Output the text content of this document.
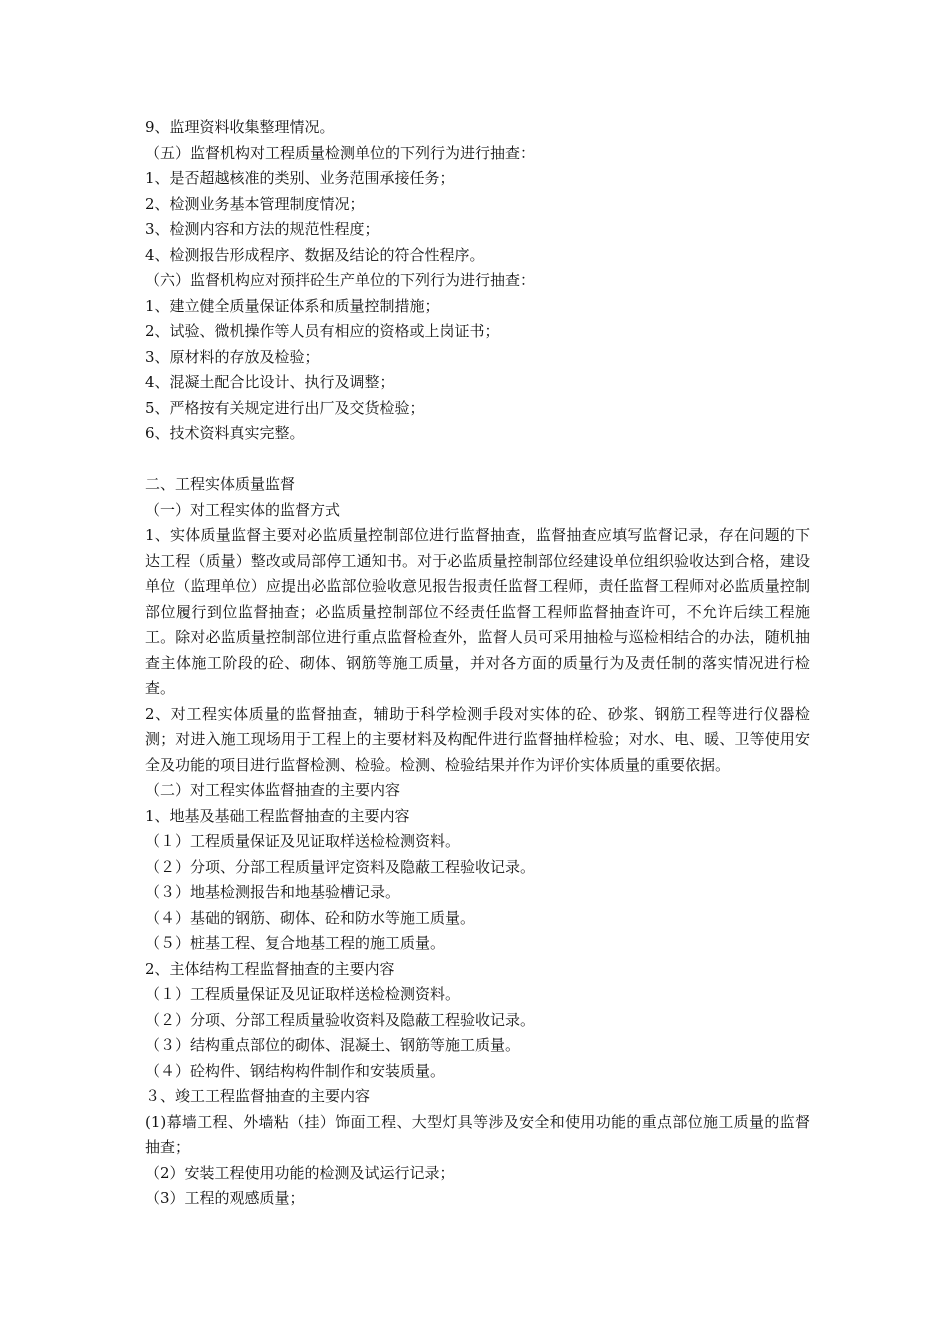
9、监理资料收集整理情况。
（五）监督机构对工程质量检测单位的下列行为进行抽查：
1、是否超越核准的类别、业务范围承接任务；
2、检测业务基本管理制度情况；
3、检测内容和方法的规范性程度；
4、检测报告形成程序、数据及结论的符合性程序。
（六）监督机构应对预拌砼生产单位的下列行为进行抽查：
1、建立健全质量保证体系和质量控制措施；
2、试验、微机操作等人员有相应的资格或上岗证书；
3、原材料的存放及检验；
4、混凝土配合比设计、执行及调整；
5、严格按有关规定进行出厂及交货检验；
6、技术资料真实完整。
二、工程实体质量监督
（一）对工程实体的监督方式
1、实体质量监督主要对必监质量控制部位进行监督抽查，监督抽查应填写监督记录，存在问题的下达工程（质量）整改或局部停工通知书。对于必监质量控制部位经建设单位组织验收达到合格，建设单位（监理单位）应提出必监部位验收意见报告报责任监督工程师，责任监督工程师对必监质量控制部位履行到位监督抽查；必监质量控制部位不经责任监督工程师监督抽查许可，不允许后续工程施工。除对必监质量控制部位进行重点监督检查外，监督人员可采用抽检与巡检相结合的办法，随机抽查主体施工阶段的砼、砌体、钢筋等施工质量，并对各方面的质量行为及责任制的落实情况进行检查。
2、对工程实体质量的监督抽查，辅助于科学检测手段对实体的砼、砂浆、钢筋工程等进行仪器检测；对进入施工现场用于工程上的主要材料及构配件进行监督抽样检验；对水、电、暖、卫等使用安全及功能的项目进行监督检测、检验。检测、检验结果并作为评价实体质量的重要依据。
（二）对工程实体监督抽查的主要内容
1、地基及基础工程监督抽查的主要内容
（１）工程质量保证及见证取样送检检测资料。
（２）分项、分部工程质量评定资料及隐蔽工程验收记录。
（３）地基检测报告和地基验槽记录。
（４）基础的钢筋、砌体、砼和防水等施工质量。
（５）桩基工程、复合地基工程的施工质量。
2、主体结构工程监督抽查的主要内容
（１）工程质量保证及见证取样送检检测资料。
（２）分项、分部工程质量验收资料及隐蔽工程验收记录。
（３）结构重点部位的砌体、混凝土、钢筋等施工质量。
（４）砼构件、钢结构构件制作和安装质量。
３、竣工工程监督抽查的主要内容
(1)幕墙工程、外墙粘（挂）饰面工程、大型灯具等涉及安全和使用功能的重点部位施工质量的监督抽查；
（2）安装工程使用功能的检测及试运行记录；
（3）工程的观感质量；
